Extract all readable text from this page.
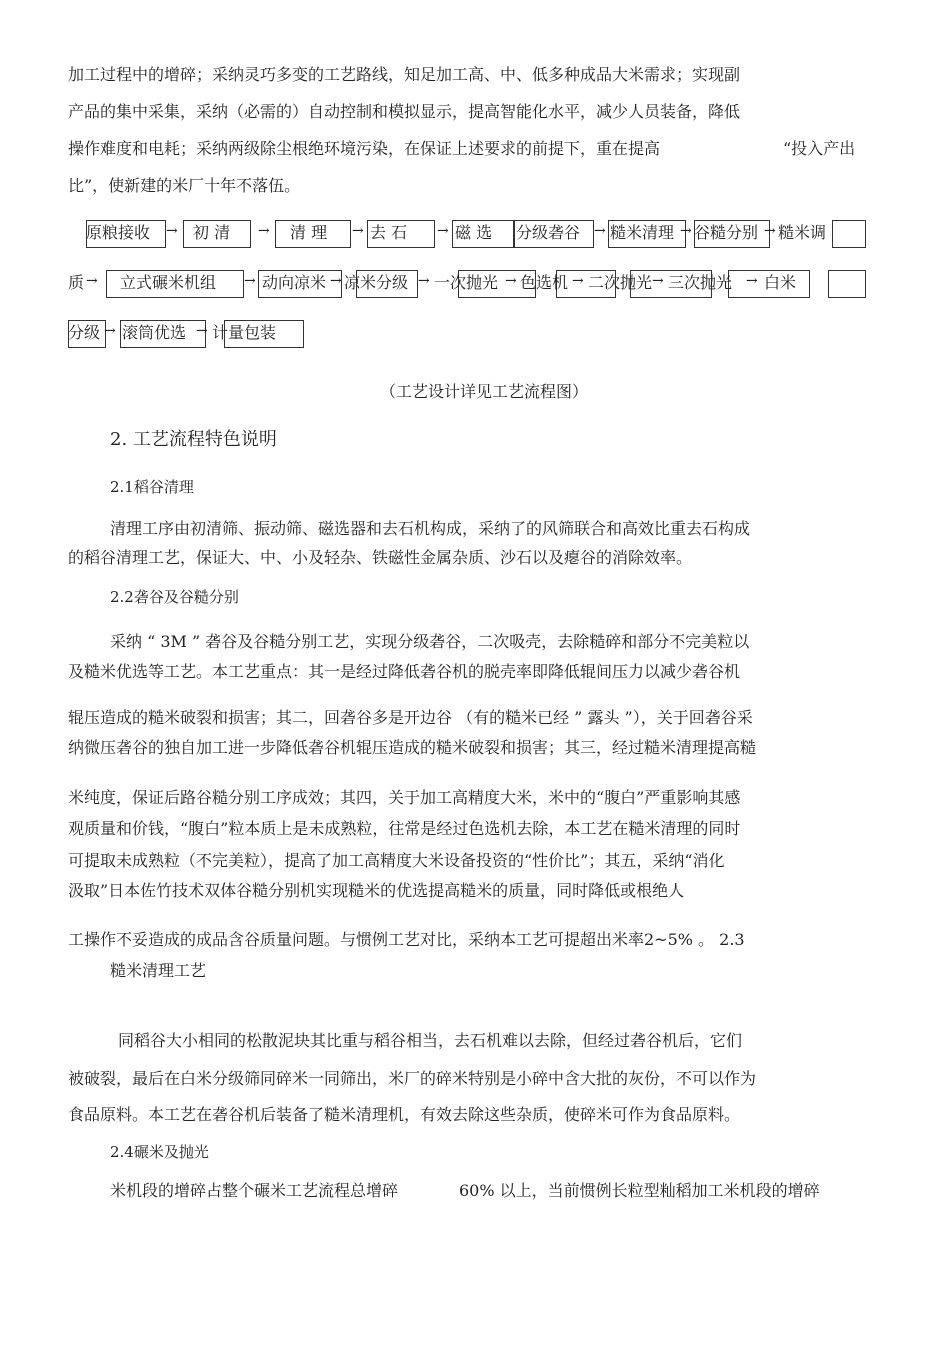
加工过程中的增碎；采纳灵巧多变的工艺路线，知足加工高、中、低多种成品大米需求；实现副
产品的集中采集，采纳（必需的）自动控制和模拟显示，提高智能化水平，减少人员装备，降低
操作难度和电耗；采纳两级除尘根绝环境污染，在保证上述要求的前提下，重在提高	“投入产出
比”，使新建的米厂十年不落伍。
原粮接收 → 初 清 → 清 理 → 去 石 → 磁 选 分级砻谷 → 糙米清理 → 谷糙分别 → 糙米调
质 → 立式碾米机组 → 动向凉米 → 凉米分级 → 一次抛光 → 色选机 → 二次抛光 → 三次抛光 → 白米
分级 → 滚筒优选 → 计量包装
（工艺设计详见工艺流程图）
2. 工艺流程特色说明
2.1稻谷清理
清理工序由初清筛、振动筛、磁选器和去石机构成，采纳了的风筛联合和高效比重去石构成
的稻谷清理工艺，保证大、中、小及轻杂、铁磁性金属杂质、沙石以及瘪谷的消除效率。
2.2砻谷及谷糙分别
采纳 “ 3M ” 砻谷及谷糙分别工艺，实现分级砻谷，二次吸壳，去除糙碎和部分不完美粒以
及糙米优选等工艺。本工艺重点：其一是经过降低砻谷机的脱壳率即降低辊间压力以减少砻谷机
辊压造成的糙米破裂和损害；其二，回砻谷多是开边谷 （有的糙米已经 ” 露头 ”），关于回砻谷采
纳微压砻谷的独自加工进一步降低砻谷机辊压造成的糙米破裂和损害；其三，经过糙米清理提高糙
米纯度，保证后路谷糙分别工序成效；其四，关于加工高精度大米，米中的“腹白”严重影响其感
观质量和价钱，“腹白”粒本质上是未成熟粒，往常是经过色选机去除，本工艺在糙米清理的同时
可提取未成熟粒（不完美粒），提高了加工高精度大米设备投资的“性价比”；其五，采纳“消化
汲取”日本佐竹技术双体谷糙分别机实现糙米的优选提高糙米的质量，同时降低或根绝人
工操作不妥造成的成品含谷质量问题。与惯例工艺对比，采纳本工艺可提超出米率2~5% 。 2.3
糙米清理工艺
同稻谷大小相同的松散泥块其比重与稻谷相当，去石机难以去除，但经过砻谷机后，它们
被破裂，最后在白米分级筛同碎米一同筛出，米厂的碎米特别是小碎中含大批的灰份，不可以作为
食品原料。本工艺在砻谷机后装备了糙米清理机，有效去除这些杂质，使碎米可作为食品原料。
2.4碾米及抛光
米机段的增碎占整个碾米工艺流程总增碎	60% 以上，当前惯例长粒型籼稻加工米机段的增碎
